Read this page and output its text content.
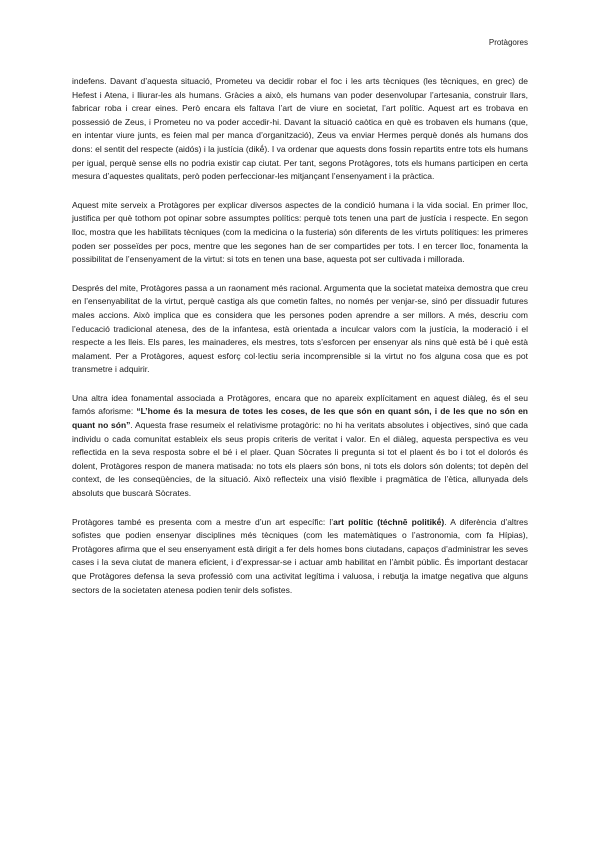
Protàgores

indefens. Davant d’aquesta situació, Prometeu va decidir robar el foc i les arts tècniques (les tècniques, en grec) de Hefest i Atena, i lliurar-les als humans. Gràcies a això, els humans van poder desenvolupar l’artesania, construir llars, fabricar roba i crear eines. Però encara els faltava l’art de viure en societat, l’art polític. Aquest art es trobava en possessió de Zeus, i Prometeu no va poder accedir-hi. Davant la situació caòtica en què es trobaven els humans (que, en intentar viure junts, es feien mal per manca d’organització), Zeus va enviar Hermes perquè donés als humans dos dons: el sentit del respecte (aidós) i la justícia (dikḗ). I va ordenar que aquests dons fossin repartits entre tots els humans per igual, perquè sense ells no podria existir cap ciutat. Per tant, segons Protàgores, tots els humans participen en certa mesura d’aquestes qualitats, però poden perfeccionar-les mitjançant l’ensenyament i la pràctica.

Aquest mite serveix a Protàgores per explicar diversos aspectes de la condició humana i la vida social. En primer lloc, justifica per què tothom pot opinar sobre assumptes polítics: perquè tots tenen una part de justícia i respecte. En segon lloc, mostra que les habilitats tècniques (com la medicina o la fusteria) són diferents de les virtuts polítiques: les primeres poden ser posseïdes per pocs, mentre que les segones han de ser compartides per tots. I en tercer lloc, fonamenta la possibilitat de l’ensenyament de la virtut: si tots en tenen una base, aquesta pot ser cultivada i millorada.

Després del mite, Protàgores passa a un raonament més racional. Argumenta que la societat mateixa demostra que creu en l’ensenyabilitat de la virtut, perquè castiga als que cometin faltes, no només per venjar-se, sinó per dissuadir futures males accions. Això implica que es considera que les persones poden aprendre a ser millors. A més, descriu com l’educació tradicional atenesa, des de la infantesa, està orientada a inculcar valors com la justícia, la moderació i el respecte a les lleis. Els pares, les mainaderes, els mestres, tots s’esforcen per ensenyar als nins què està bé i què està malament. Per a Protàgores, aquest esforç col·lectiu seria incomprensible si la virtut no fos alguna cosa que es pot transmetre i adquirir.

Una altra idea fonamental associada a Protàgores, encara que no apareix explícitament en aquest diàleg, és el seu famós aforisme: “L’home és la mesura de totes les coses, de les que són en quant són, i de les que no són en quant no són”. Aquesta frase resumeix el relativisme protagòric: no hi ha veritats absolutes i objectives, sinó que cada individu o cada comunitat estableix els seus propis criteris de veritat i valor. En el diàleg, aquesta perspectiva es veu reflectida en la seva resposta sobre el bé i el plaer. Quan Sòcrates li pregunta si tot el plaent és bo i tot el dolorós és dolent, Protàgores respon de manera matisada: no tots els plaers són bons, ni tots els dolors són dolents; tot depèn del context, de les conseqüències, de la situació. Això reflecteix una visió flexible i pragmàtica de l’ètica, allunyada dels absoluts que buscarà Sòcrates.

Protàgores també es presenta com a mestre d’un art específic: l’art polític (téchnē politikḗ). A diferència d’altres sofistes que podien ensenyar disciplines més tècniques (com les matemàtiques o l’astronomia, com fa Hípias), Protàgores afirma que el seu ensenyament està dirigit a fer dels homes bons ciutadans, capaços d’administrar les seves cases i la seva ciutat de manera eficient, i d’expressar-se i actuar amb habilitat en l’àmbit públic. És important destacar que Protàgores defensa la seva professió com una activitat legítima i valuosa, i rebutja la imatge negativa que alguns sectors de la societaten atenesa podien tenir dels sofistes.
